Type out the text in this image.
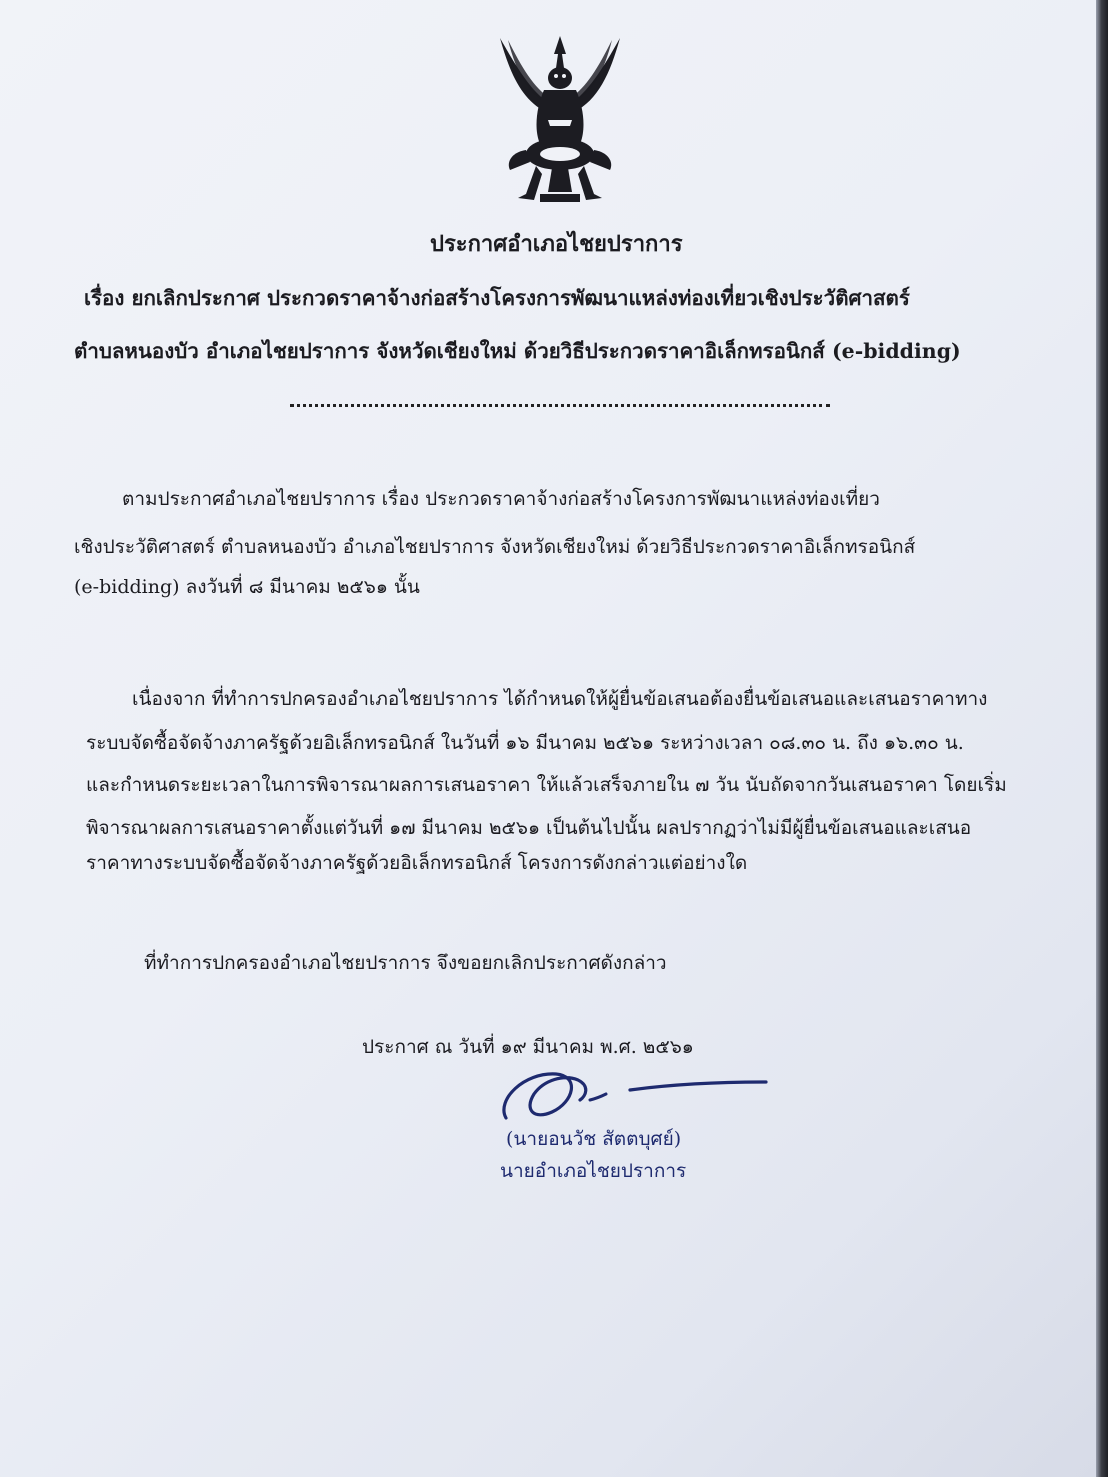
ประกาศอำเภอไชยปราการ
เรื่อง ยกเลิกประกาศ ประกวดราคาจ้างก่อสร้างโครงการพัฒนาแหล่งท่องเที่ยวเชิงประวัติศาสตร์
ตำบลหนองบัว อำเภอไชยปราการ จังหวัดเชียงใหม่ ด้วยวิธีประกวดราคาอิเล็กทรอนิกส์ (e-bidding)
ตามประกาศอำเภอไชยปราการ เรื่อง ประกวดราคาจ้างก่อสร้างโครงการพัฒนาแหล่งท่องเที่ยว
เชิงประวัติศาสตร์ ตำบลหนองบัว อำเภอไชยปราการ จังหวัดเชียงใหม่ ด้วยวิธีประกวดราคาอิเล็กทรอนิกส์
(e-bidding) ลงวันที่ ๘ มีนาคม ๒๕๖๑ นั้น
เนื่องจาก ที่ทำการปกครองอำเภอไชยปราการ ได้กำหนดให้ผู้ยื่นข้อเสนอต้องยื่นข้อเสนอและเสนอราคาทาง
ระบบจัดซื้อจัดจ้างภาครัฐด้วยอิเล็กทรอนิกส์ ในวันที่ ๑๖ มีนาคม ๒๕๖๑ ระหว่างเวลา ๐๘.๓๐ น. ถึง ๑๖.๓๐ น.
และกำหนดระยะเวลาในการพิจารณาผลการเสนอราคา ให้แล้วเสร็จภายใน ๗ วัน นับถัดจากวันเสนอราคา โดยเริ่ม
พิจารณาผลการเสนอราคาตั้งแต่วันที่ ๑๗ มีนาคม ๒๕๖๑ เป็นต้นไปนั้น ผลปรากฏว่าไม่มีผู้ยื่นข้อเสนอและเสนอ
ราคาทางระบบจัดซื้อจัดจ้างภาครัฐด้วยอิเล็กทรอนิกส์ โครงการดังกล่าวแต่อย่างใด
ที่ทำการปกครองอำเภอไชยปราการ จึงขอยกเลิกประกาศดังกล่าว
ประกาศ ณ วันที่ ๑๙ มีนาคม พ.ศ. ๒๕๖๑
(นายอนวัช สัตตบุศย์)
นายอำเภอไชยปราการ
